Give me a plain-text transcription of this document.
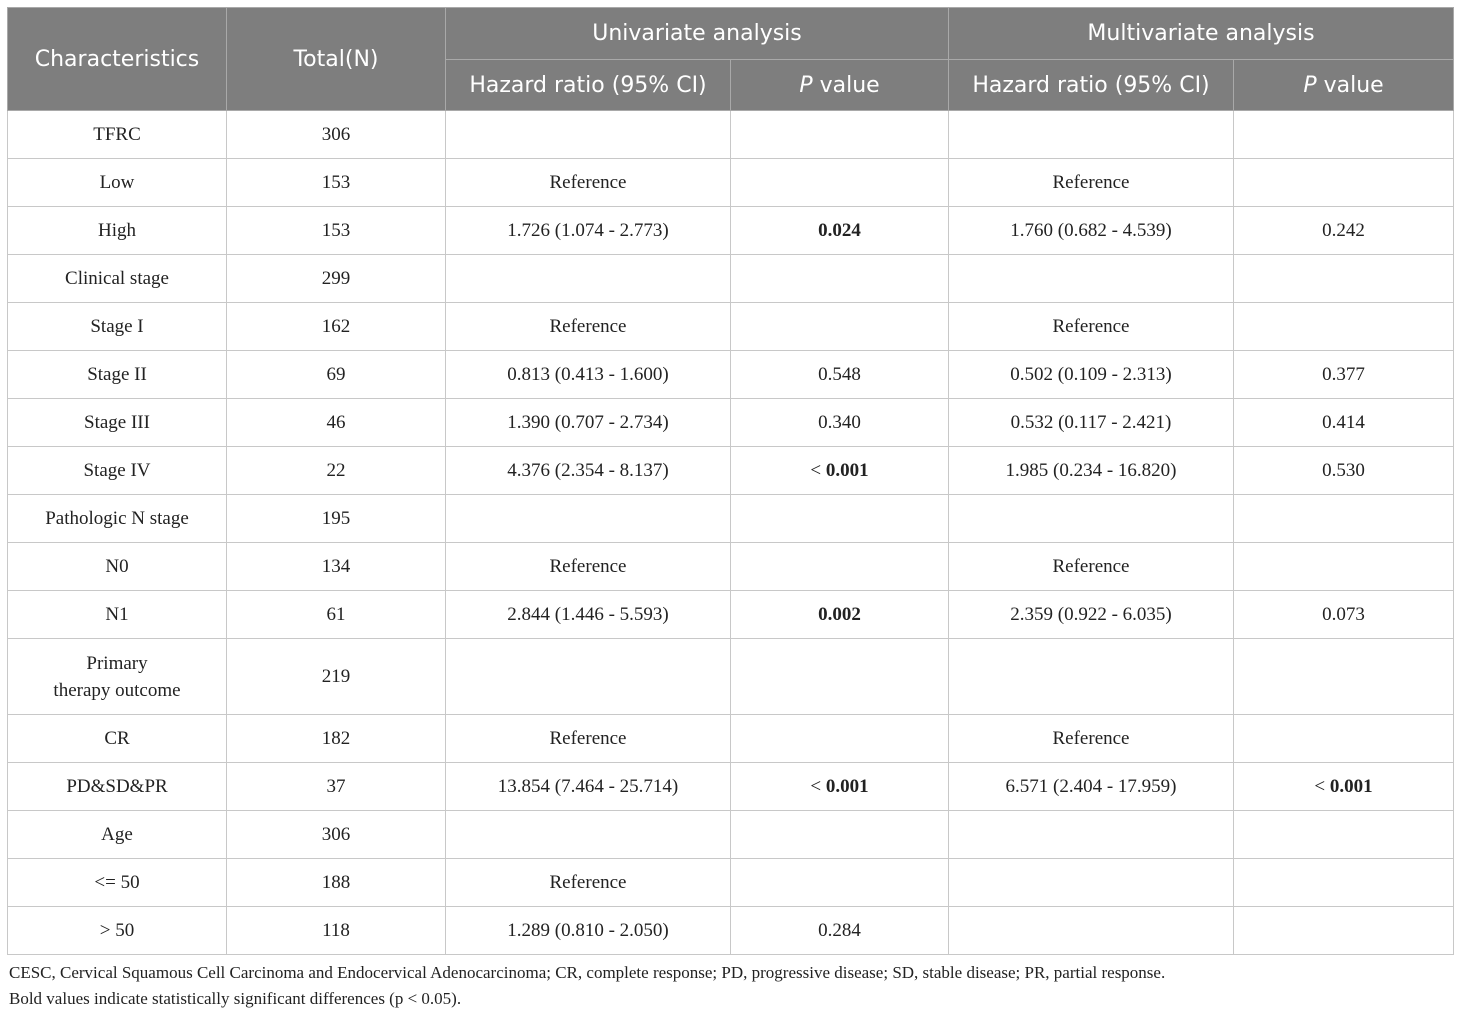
Characteristics	Total(N)	Univariate analysis		Multivariate analysis	
		Hazard ratio (95% CI)	P value	Hazard ratio (95% CI)	P value
TFRC	306				
Low	153	Reference		Reference	
High	153	1.726 (1.074 - 2.773)	0.024	1.760 (0.682 - 4.539)	0.242
Clinical stage	299				
Stage I	162	Reference		Reference	
Stage II	69	0.813 (0.413 - 1.600)	0.548	0.502 (0.109 - 2.313)	0.377
Stage III	46	1.390 (0.707 - 2.734)	0.340	0.532 (0.117 - 2.421)	0.414
Stage IV	22	4.376 (2.354 - 8.137)	< 0.001	1.985 (0.234 - 16.820)	0.530
Pathologic N stage	195				
N0	134	Reference		Reference	
N1	61	2.844 (1.446 - 5.593)	0.002	2.359 (0.922 - 6.035)	0.073
Primary
therapy outcome	219				
CR	182	Reference		Reference	
PD&SD&PR	37	13.854 (7.464 - 25.714)	< 0.001	6.571 (2.404 - 17.959)	< 0.001
Age	306				
<= 50	188	Reference			
> 50	118	1.289 (0.810 - 2.050)	0.284		
CESC, Cervical Squamous Cell Carcinoma and Endocervical Adenocarcinoma; CR, complete response; PD, progressive disease; SD, stable disease; PR, partial response.
Bold values indicate statistically significant differences (p < 0.05).
